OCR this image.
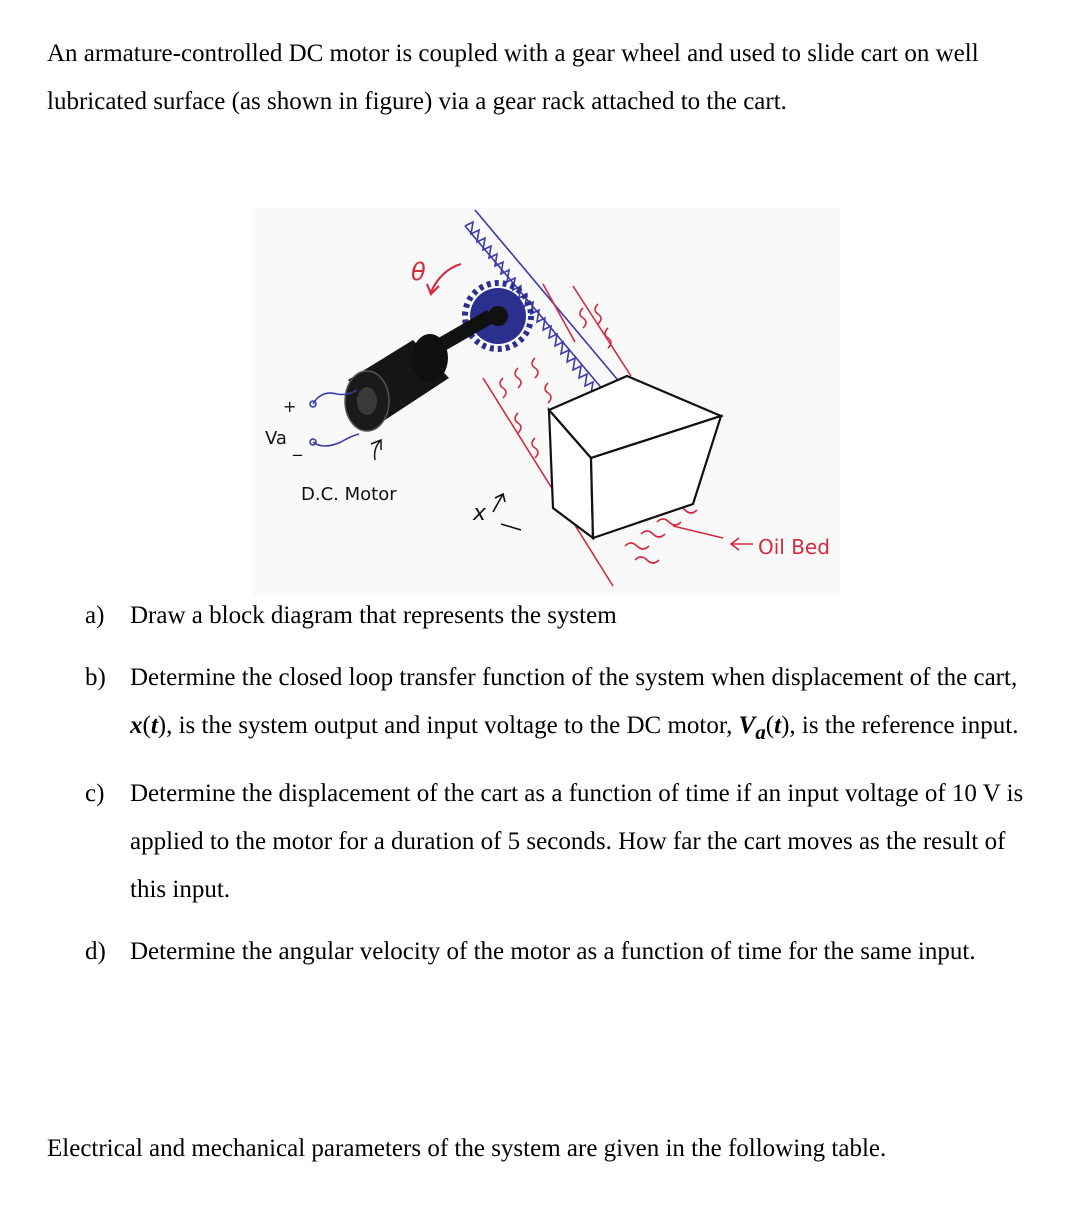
An armature-controlled DC motor is coupled with a gear wheel and used to slide cart on well lubricated surface (as shown in figure) via a gear rack attached to the cart.

θ
Va
+
_
D.C. Motor
x
Oil Bed
a) Draw a block diagram that represents the system
b) Determine the closed loop transfer function of the system when displacement of the cart, x(t), is the system output and input voltage to the DC motor, $V_a(t)$, is the reference input.
c) Determine the displacement of the cart as a function of time if an input voltage of 10 V is applied to the motor for a duration of 5 seconds. How far the cart moves as the result of this input.
d) Determine the angular velocity of the motor as a function of time for the same input.

Electrical and mechanical parameters of the system are given in the following table.
